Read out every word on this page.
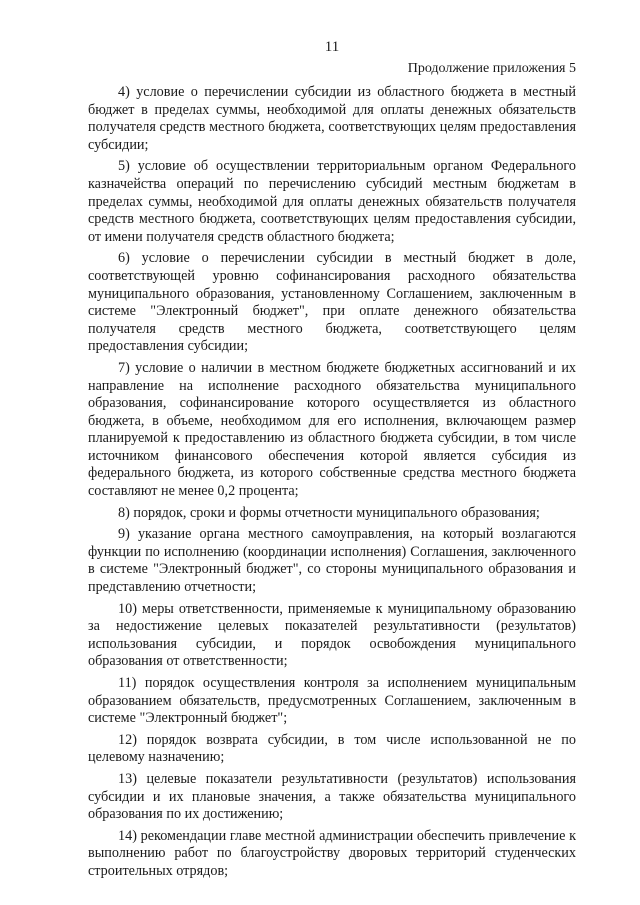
11
Продолжение приложения 5

4) условие о перечислении субсидии из областного бюджета в местный бюджет в пределах суммы, необходимой для оплаты денежных обязательств получателя средств местного бюджета, соответствующих целям предоставления субсидии;

5) условие об осуществлении территориальным органом Федерального казначейства операций по перечислению субсидий местным бюджетам в пределах суммы, необходимой для оплаты денежных обязательств получателя средств местного бюджета, соответствующих целям предоставления субсидии, от имени получателя средств областного бюджета;

6) условие о перечислении субсидии в местный бюджет в доле, соответствующей уровню софинансирования расходного обязательства муниципального образования, установленному Соглашением, заключенным в системе "Электронный бюджет", при оплате денежного обязательства получателя средств местного бюджета, соответствующего целям предоставления субсидии;

7) условие о наличии в местном бюджете бюджетных ассигнований и их направление на исполнение расходного обязательства муниципального образования, софинансирование которого осуществляется из областного бюджета, в объеме, необходимом для его исполнения, включающем размер планируемой к предоставлению из областного бюджета субсидии, в том числе источником финансового обеспечения которой является субсидия из федерального бюджета, из которого собственные средства местного бюджета составляют не менее 0,2 процента;

8) порядок, сроки и формы отчетности муниципального образования;

9) указание органа местного самоуправления, на который возлагаются функции по исполнению (координации исполнения) Соглашения, заключенного в системе "Электронный бюджет", со стороны муниципального образования и представлению отчетности;

10) меры ответственности, применяемые к муниципальному образованию за недостижение целевых показателей результативности (результатов) использования субсидии, и порядок освобождения муниципального образования от ответственности;

11) порядок осуществления контроля за исполнением муниципальным образованием обязательств, предусмотренных Соглашением, заключенным в системе "Электронный бюджет";

12) порядок возврата субсидии, в том числе использованной не по целевому назначению;

13) целевые показатели результативности (результатов) использования субсидии и их плановые значения, а также обязательства муниципального образования по их достижению;

14) рекомендации главе местной администрации обеспечить привлечение к выполнению работ по благоустройству дворовых территорий студенческих строительных отрядов;
